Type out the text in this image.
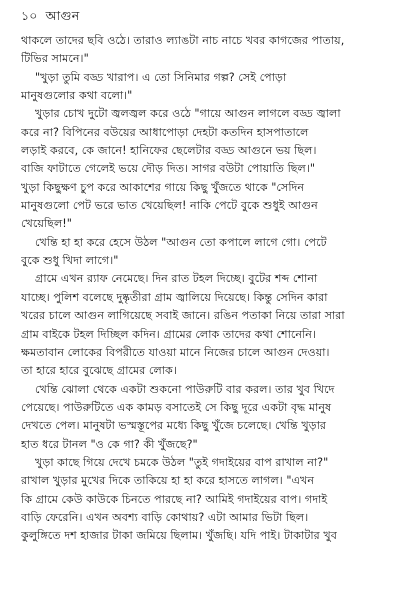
১০ আগুন
থাকলে তাদের ছবি ওঠে। তারাও ল্যাঙটা নাচ নাচে খবর কাগজের পাতায়,
টিভির সামনে।"
"খুড়া তুমি বড্ড খারাপ। এ তো সিনিমার গল্প? সেই পোড়া
মানুষগুলোর কথা বলো।"
খুড়ার চোখ দুটো জ্বলজ্বল করে ওঠে "গায়ে আগুন লাগলে বড্ড জ্বালা
করে না? বিপিনের বউয়ের আধাপোড়া দেহটা কতদিন হাসপাতালে
লড়াই করবে, কে জানে! হানিফের ছেলেটার বড্ড আগুনে ভয় ছিল।
বাজি ফাটাতে গেলেই ভয়ে দৌড় দিত। সাগর বউটা পোয়াতি ছিল।"
খুড়া কিছুক্ষণ চুপ করে আকাশের গায়ে কিছু খুঁজতে থাকে "সেদিন
মানুষগুলো পেট ভরে ভাত খেয়েছিল! নাকি পেটে বুকে শুধুই আগুন
খেয়েছিল!"
খেন্তি হা হা করে হেসে উঠল "আগুন তো কপালে লাগে গো। পেটে
বুকে শুধু খিদা লাগে।"
গ্রামে এখন র‍্যাফ নেমেছে। দিন রাত টহল দিচ্ছে। বুটের শব্দ শোনা
যাচ্ছে। পুলিশ বলেছে দুষ্কৃতীরা গ্রাম জ্বালিয়ে দিয়েছে। কিন্তু সেদিন কারা
খরের চালে আগুন লাগিয়েছে সবাই জানে। রঙিন পতাকা নিয়ে তারা সারা
গ্রাম বাইকে টহল দিচ্ছিল কদিন। গ্রামের লোক তাদের কথা শোনেনি।
ক্ষমতাবান লোকের বিপরীতে যাওয়া মানে নিজের চালে আগুন দেওয়া।
তা হারে হারে বুঝেছে গ্রামের লোক।
খেন্তি ঝোলা থেকে একটা শুকনো পাউরুটি বার করল। তার খুব খিদে
পেয়েছে। পাউরুটিতে এক কামড় বসাতেই সে কিছু দূরে একটা বৃদ্ধ মানুষ
দেখতে পেল। মানুষটা ভস্মস্তূপের মধ্যে কিছু খুঁজে চলেছে। খেন্তি খুড়ার
হাত ধরে টানল "ও কে গা? কী খুঁজছে?"
খুড়া কাছে গিয়ে দেখে চমকে উঠল "তুই গদাইয়ের বাপ রাখাল না?"
রাখাল খুড়ার মুখের দিকে তাকিয়ে হা হা করে হাসতে লাগল। "এখন
কি গ্রামে কেউ কাউকে চিনতে পারছে না? আমিই গদাইয়ের বাপ। গদাই
বাড়ি ফেরেনি। এখন অবশ্য বাড়ি কোথায়? এটা আমার ভিটা ছিল।
কুলুঙ্গিতে দশ হাজার টাকা জমিয়ে ছিলাম। খুঁজছি। যদি পাই। টাকাটার খুব
